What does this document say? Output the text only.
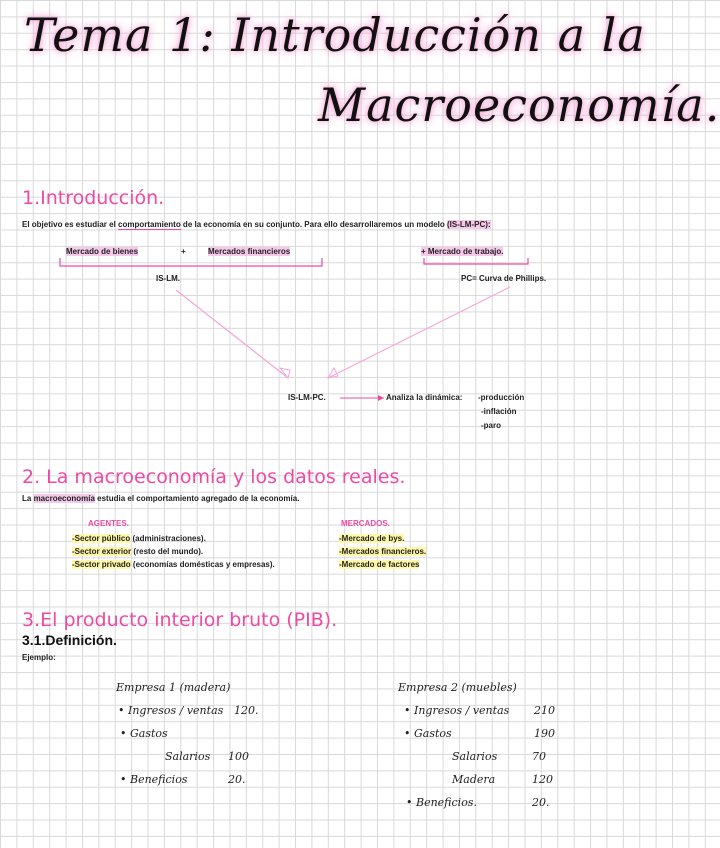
Tema 1: Introducción a la
Macroeconomía.
1.Introducción.
El objetivo es estudiar el comportamiento de la economía en su conjunto. Para ello desarrollaremos un modelo (IS-LM-PC):
Mercado de bienes	+	Mercados financieros	+ Mercado de trabajo.
IS-LM.	PC= Curva de Phillips.
IS-LM-PC.	Analiza la dinámica: -producción
-inflación
-paro
2. La macroeconomía y los datos reales.
La macroeconomía estudia el comportamiento agregado de la economía.
AGENTES.
-Sector público (administraciones).
-Sector exterior (resto del mundo).
-Sector privado (economías domésticas y empresas).
MERCADOS.
-Mercado de bys.
-Mercados financieros.
-Mercado de factores
3.El producto interior bruto (PIB).
3.1.Definición.
Ejemplo:
Empresa 1 (madera)
• Ingresos / ventas 120.
• Gastos
Salarios 100
• Beneficios	20.
Empresa 2 (muebles)
• Ingresos / ventas 210
• Gastos	190
Salarios	70
Madera	120
• Beneficios.	20.
